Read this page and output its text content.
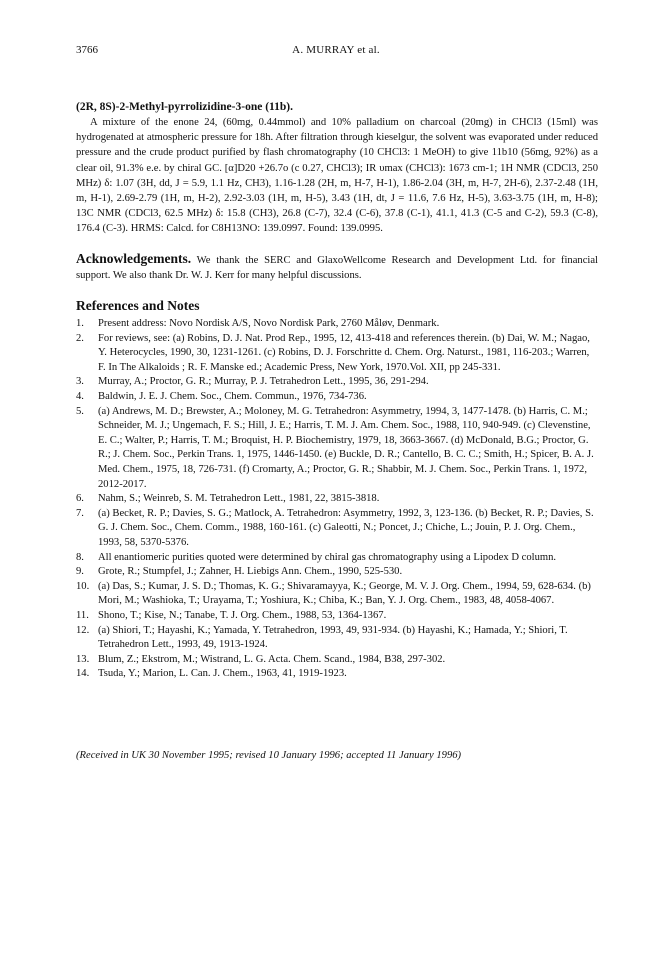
3766	A. MURRAY et al.
(2R, 8S)-2-Methyl-pyrrolizidine-3-one (11b).

A mixture of the enone 24, (60mg, 0.44mmol) and 10% palladium on charcoal (20mg) in CHCl3 (15ml) was hydrogenated at atmospheric pressure for 18h. After filtration through kieselgur, the solvent was evaporated under reduced pressure and the crude product purified by flash chromatography (10 CHCl3: 1 MeOH) to give 11b10 (56mg, 92%) as a clear oil, 91.3% e.e. by chiral GC. [α]D20 +26.7o (c 0.27, CHCl3); IR υmax (CHCl3): 1673 cm-1; 1H NMR (CDCl3, 250 MHz) δ: 1.07 (3H, dd, J = 5.9, 1.1 Hz, CH3), 1.16-1.28 (2H, m, H-7, H-1), 1.86-2.04 (3H, m, H-7, 2H-6), 2.37-2.48 (1H, m, H-1), 2.69-2.79 (1H, m, H-2), 2.92-3.03 (1H, m, H-5), 3.43 (1H, dt, J = 11.6, 7.6 Hz, H-5), 3.63-3.75 (1H, m, H-8); 13C NMR (CDCl3, 62.5 MHz) δ: 15.8 (CH3), 26.8 (C-7), 32.4 (C-6), 37.8 (C-1), 41.1, 41.3 (C-5 and C-2), 59.3 (C-8), 176.4 (C-3). HRMS: Calcd. for C8H13NO: 139.0997. Found: 139.0995.

Acknowledgements. We thank the SERC and GlaxoWellcome Research and Development Ltd. for financial support. We also thank Dr. W. J. Kerr for many helpful discussions.

References and Notes
1. Present address: Novo Nordisk A/S, Novo Nordisk Park, 2760 Måløv, Denmark.
2. For reviews, see: (a) Robins, D. J. Nat. Prod Rep., 1995, 12, 413-418 and references therein. (b) Dai, W. M.; Nagao, Y. Heterocycles, 1990, 30, 1231-1261. (c) Robins, D. J. Forschritte d. Chem. Org. Naturst., 1981, 116-203.; Warren, F. In The Alkaloids ; R. F. Manske ed.; Academic Press, New York, 1970.Vol. XII, pp 245-331.
3. Murray, A.; Proctor, G. R.; Murray, P. J. Tetrahedron Lett., 1995, 36, 291-294.
4. Baldwin, J. E. J. Chem. Soc., Chem. Commun., 1976, 734-736.
5. (a) Andrews, M. D.; Brewster, A.; Moloney, M. G. Tetrahedron: Asymmetry, 1994, 3, 1477-1478. (b) Harris, C. M.; Schneider, M. J.; Ungemach, F. S.; Hill, J. E.; Harris, T. M. J. Am. Chem. Soc., 1988, 110, 940-949. (c) Clevenstine, E. C.; Walter, P.; Harris, T. M.; Broquist, H. P. Biochemistry, 1979, 18, 3663-3667. (d) McDonald, B.G.; Proctor, G. R.; J. Chem. Soc., Perkin Trans. 1, 1975, 1446-1450. (e) Buckle, D. R.; Cantello, B. C. C.; Smith, H.; Spicer, B. A. J. Med. Chem., 1975, 18, 726-731. (f) Cromarty, A.; Proctor, G. R.; Shabbir, M. J. Chem. Soc., Perkin Trans. 1, 1972, 2012-2017.
6. Nahm, S.; Weinreb, S. M. Tetrahedron Lett., 1981, 22, 3815-3818.
7. (a) Becket, R. P.; Davies, S. G.; Matlock, A. Tetrahedron: Asymmetry, 1992, 3, 123-136. (b) Becket, R. P.; Davies, S. G. J. Chem. Soc., Chem. Comm., 1988, 160-161. (c) Galeotti, N.; Poncet, J.; Chiche, L.; Jouin, P. J. Org. Chem., 1993, 58, 5370-5376.
8. All enantiomeric purities quoted were determined by chiral gas chromatography using a Lipodex D column.
9. Grote, R.; Stumpfel, J.; Zahner, H. Liebigs Ann. Chem., 1990, 525-530.
10. (a) Das, S.; Kumar, J. S. D.; Thomas, K. G.; Shivaramayya, K.; George, M. V. J. Org. Chem., 1994, 59, 628-634. (b) Mori, M.; Washioka, T.; Urayama, T.; Yoshiura, K.; Chiba, K.; Ban, Y. J. Org. Chem., 1983, 48, 4058-4067.
11. Shono, T.; Kise, N.; Tanabe, T. J. Org. Chem., 1988, 53, 1364-1367.
12. (a) Shiori, T.; Hayashi, K.; Yamada, Y. Tetrahedron, 1993, 49, 931-934. (b) Hayashi, K.; Hamada, Y.; Shiori, T. Tetrahedron Lett., 1993, 49, 1913-1924.
13. Blum, Z.; Ekstrom, M.; Wistrand, L. G. Acta. Chem. Scand., 1984, B38, 297-302.
14. Tsuda, Y.; Marion, L. Can. J. Chem., 1963, 41, 1919-1923.
(Received in UK 30 November 1995; revised 10 January 1996; accepted 11 January 1996)
